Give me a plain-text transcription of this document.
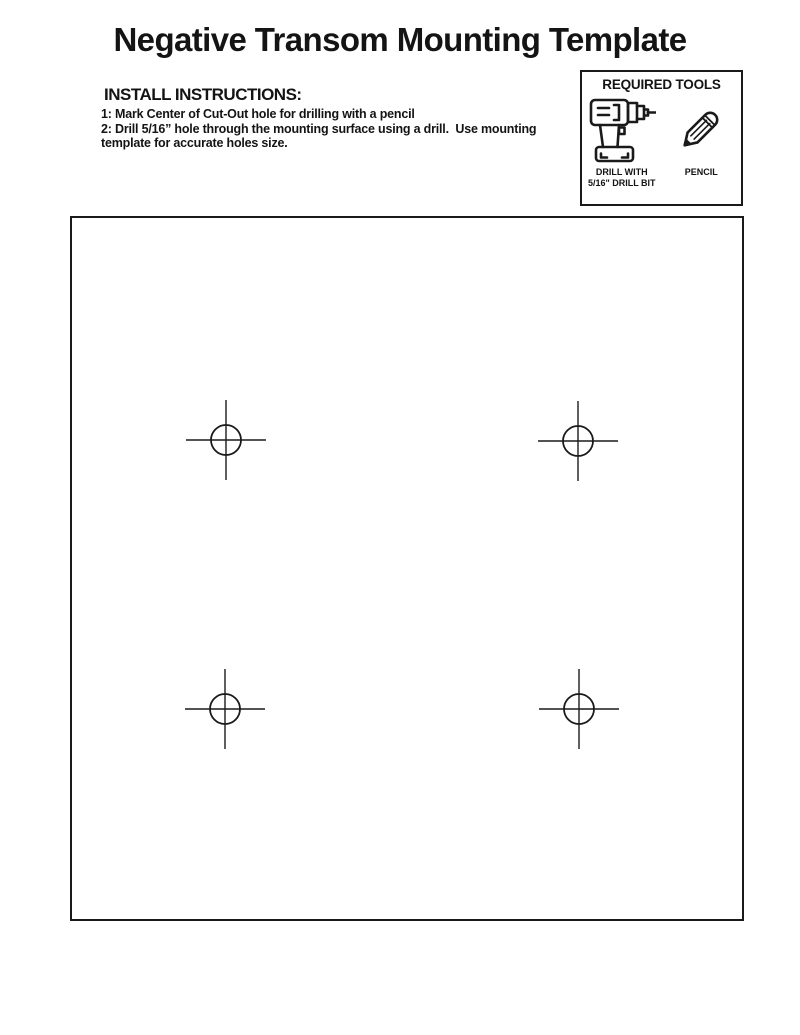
Negative Transom Mounting Template
INSTALL INSTRUCTIONS:
1: Mark Center of Cut-Out hole for drilling with a pencil
2: Drill 5/16” hole through the mounting surface using a drill.  Use mounting
template for accurate holes size.
REQUIRED TOOLS
DRILL WITH
5/16" DRILL BIT
PENCIL
